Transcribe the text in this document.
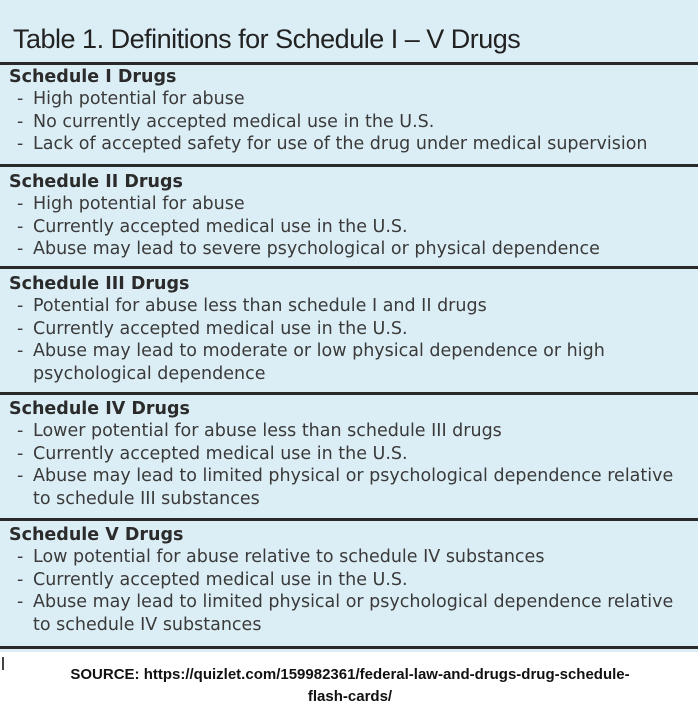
Table 1. Definitions for Schedule I – V Drugs
Schedule I Drugs
-High potential for abuse
-No currently accepted medical use in the U.S.
-Lack of accepted safety for use of the drug under medical supervision
Schedule II Drugs
-High potential for abuse
-Currently accepted medical use in the U.S.
-Abuse may lead to severe psychological or physical dependence
Schedule III Drugs
-Potential for abuse less than schedule I and II drugs
-Currently accepted medical use in the U.S.
-Abuse may lead to moderate or low physical dependence or high
psychological dependence
Schedule IV Drugs
-Lower potential for abuse less than schedule III drugs
-Currently accepted medical use in the U.S.
-Abuse may lead to limited physical or psychological dependence relative
to schedule III substances
Schedule V Drugs
-Low potential for abuse relative to schedule IV substances
-Currently accepted medical use in the U.S.
-Abuse may lead to limited physical or psychological dependence relative
to schedule IV substances
SOURCE: https://quizlet.com/159982361/federal-law-and-drugs-drug-schedule-
flash-cards/
